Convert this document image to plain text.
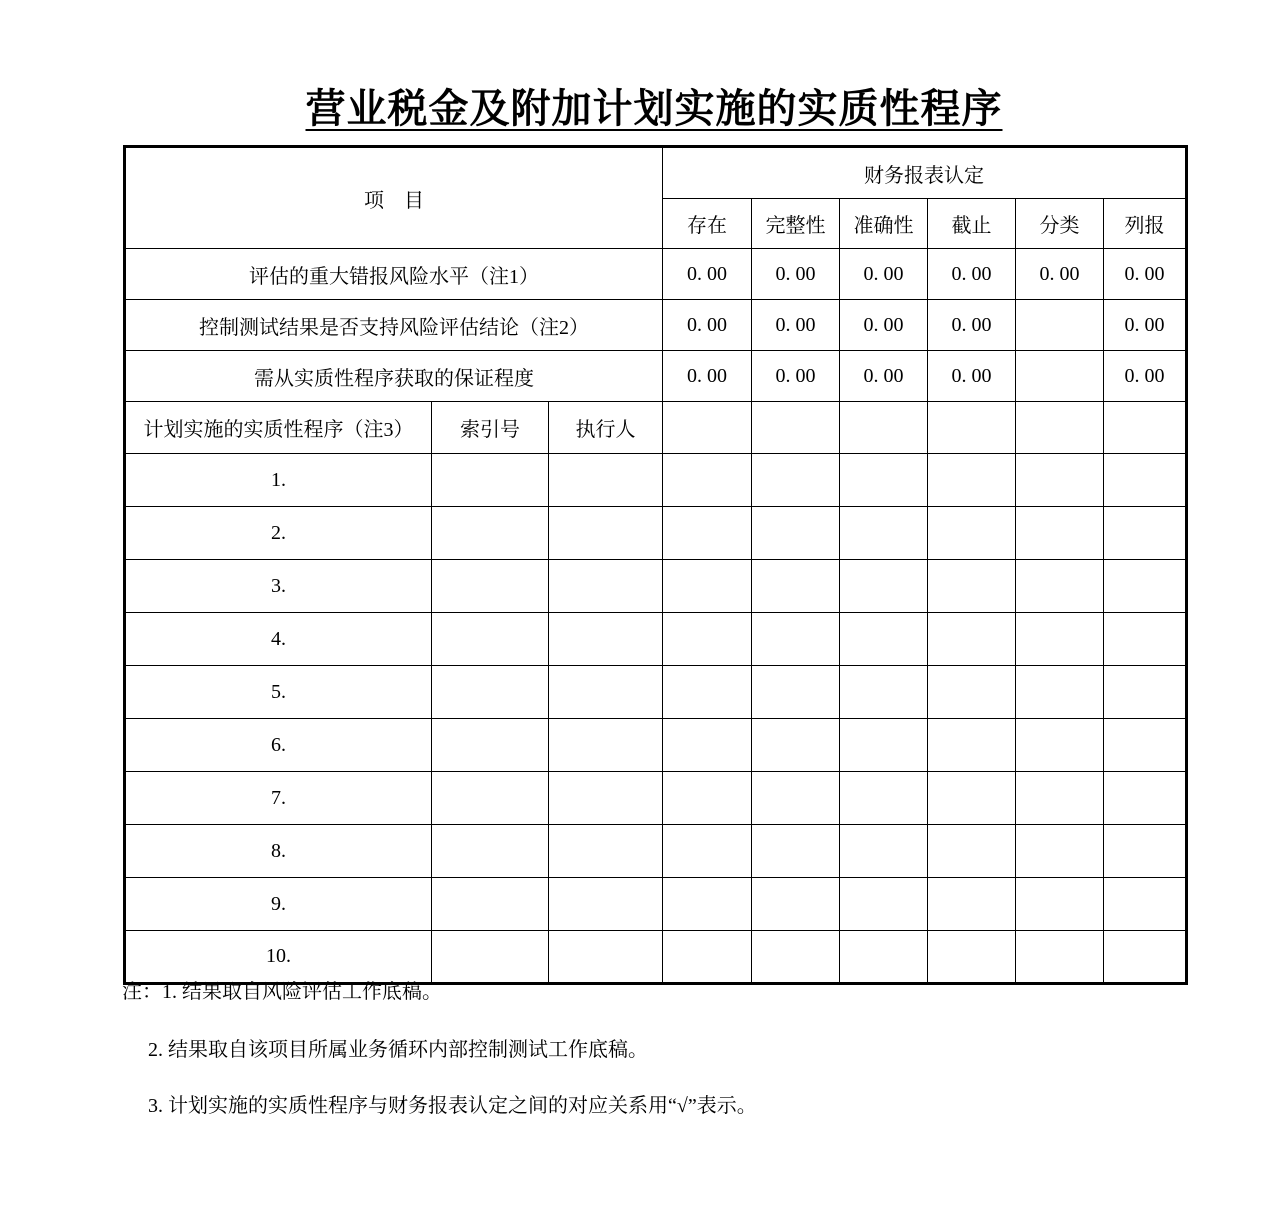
营业税金及附加计划实施的实质性程序
项　目			财务报表认定					
			存在	完整性	准确性	截止	分类	列报
评估的重大错报风险水平（注1）			0. 00	0. 00	0. 00	0. 00	0. 00	0. 00
控制测试结果是否支持风险评估结论（注2）			0. 00	0. 00	0. 00	0. 00		0. 00
需从实质性程序获取的保证程度			0. 00	0. 00	0. 00	0. 00		0. 00
计划实施的实质性程序（注3）	索引号	执行人						
1.								
2.								
3.								
4.								
5.								
6.								
7.								
8.								
9.								
10.								
注：1. 结果取自风险评估工作底稿。
2. 结果取自该项目所属业务循环内部控制测试工作底稿。
3. 计划实施的实质性程序与财务报表认定之间的对应关系用“√”表示。
